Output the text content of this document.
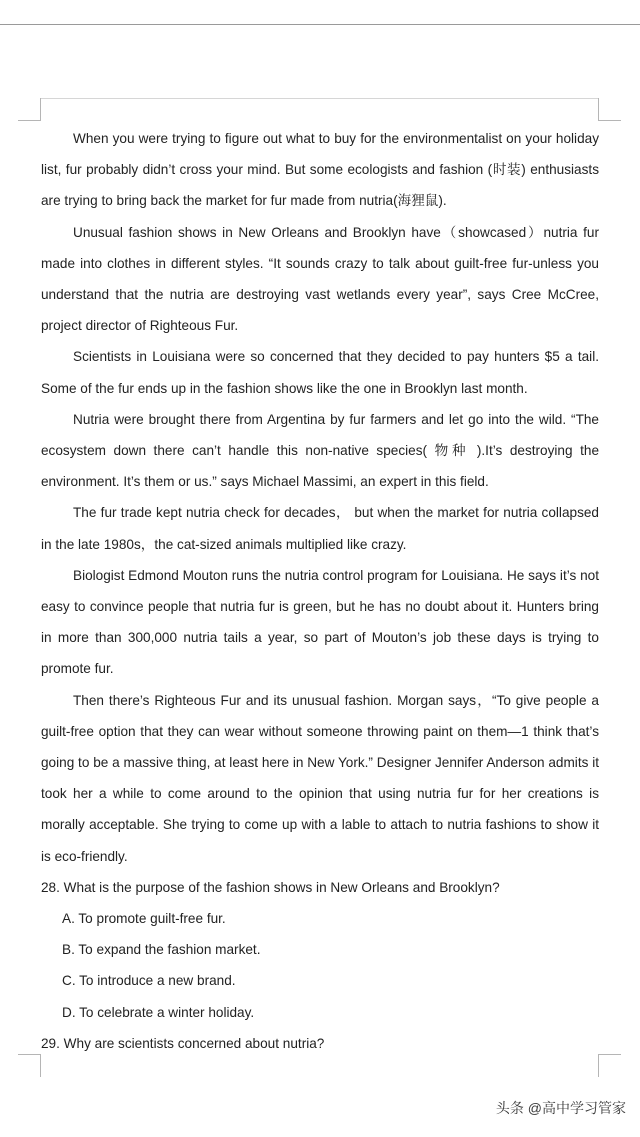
When you were trying to figure out what to buy for the environmentalist on your holiday list, fur probably didn’t cross your mind. But some ecologists and fashion (时装) enthusiasts are trying to bring back the market for fur made from nutria(海狸鼠).

Unusual fashion shows in New Orleans and Brooklyn have（showcased）nutria fur made into clothes in different styles. “It sounds crazy to talk about guilt-free fur-unless you understand that the nutria are destroying vast wetlands every year”, says Cree McCree, project director of Righteous Fur.

Scientists in Louisiana were so concerned that they decided to pay hunters $5 a tail. Some of the fur ends up in the fashion shows like the one in Brooklyn last month.

Nutria were brought there from Argentina by fur farmers and let go into the wild. “The ecosystem down there can’t handle this non-native species( 物种 ).It’s destroying the environment. It’s them or us.” says Michael Massimi, an expert in this field.

The fur trade kept nutria check for decades， but when the market for nutria collapsed in the late 1980s，the cat-sized animals multiplied like crazy.

Biologist Edmond Mouton runs the nutria control program for Louisiana. He says it’s not easy to convince people that nutria fur is green, but he has no doubt about it. Hunters bring in more than 300,000 nutria tails a year, so part of Mouton’s job these days is trying to promote fur.

Then there’s Righteous Fur and its unusual fashion. Morgan says，“To give people a guilt-free option that they can wear without someone throwing paint on them—1 think that’s going to be a massive thing, at least here in New York.” Designer Jennifer Anderson admits it took her a while to come around to the opinion that using nutria fur for her creations is morally acceptable. She trying to come up with a lable to attach to nutria fashions to show it is eco-friendly.

28. What is the purpose of the fashion shows in New Orleans and Brooklyn?

A. To promote guilt-free fur.

B. To expand the fashion market.

C. To introduce a new brand.

D. To celebrate a winter holiday.

29. Why are scientists concerned about nutria?

头条 @高中学习管家
